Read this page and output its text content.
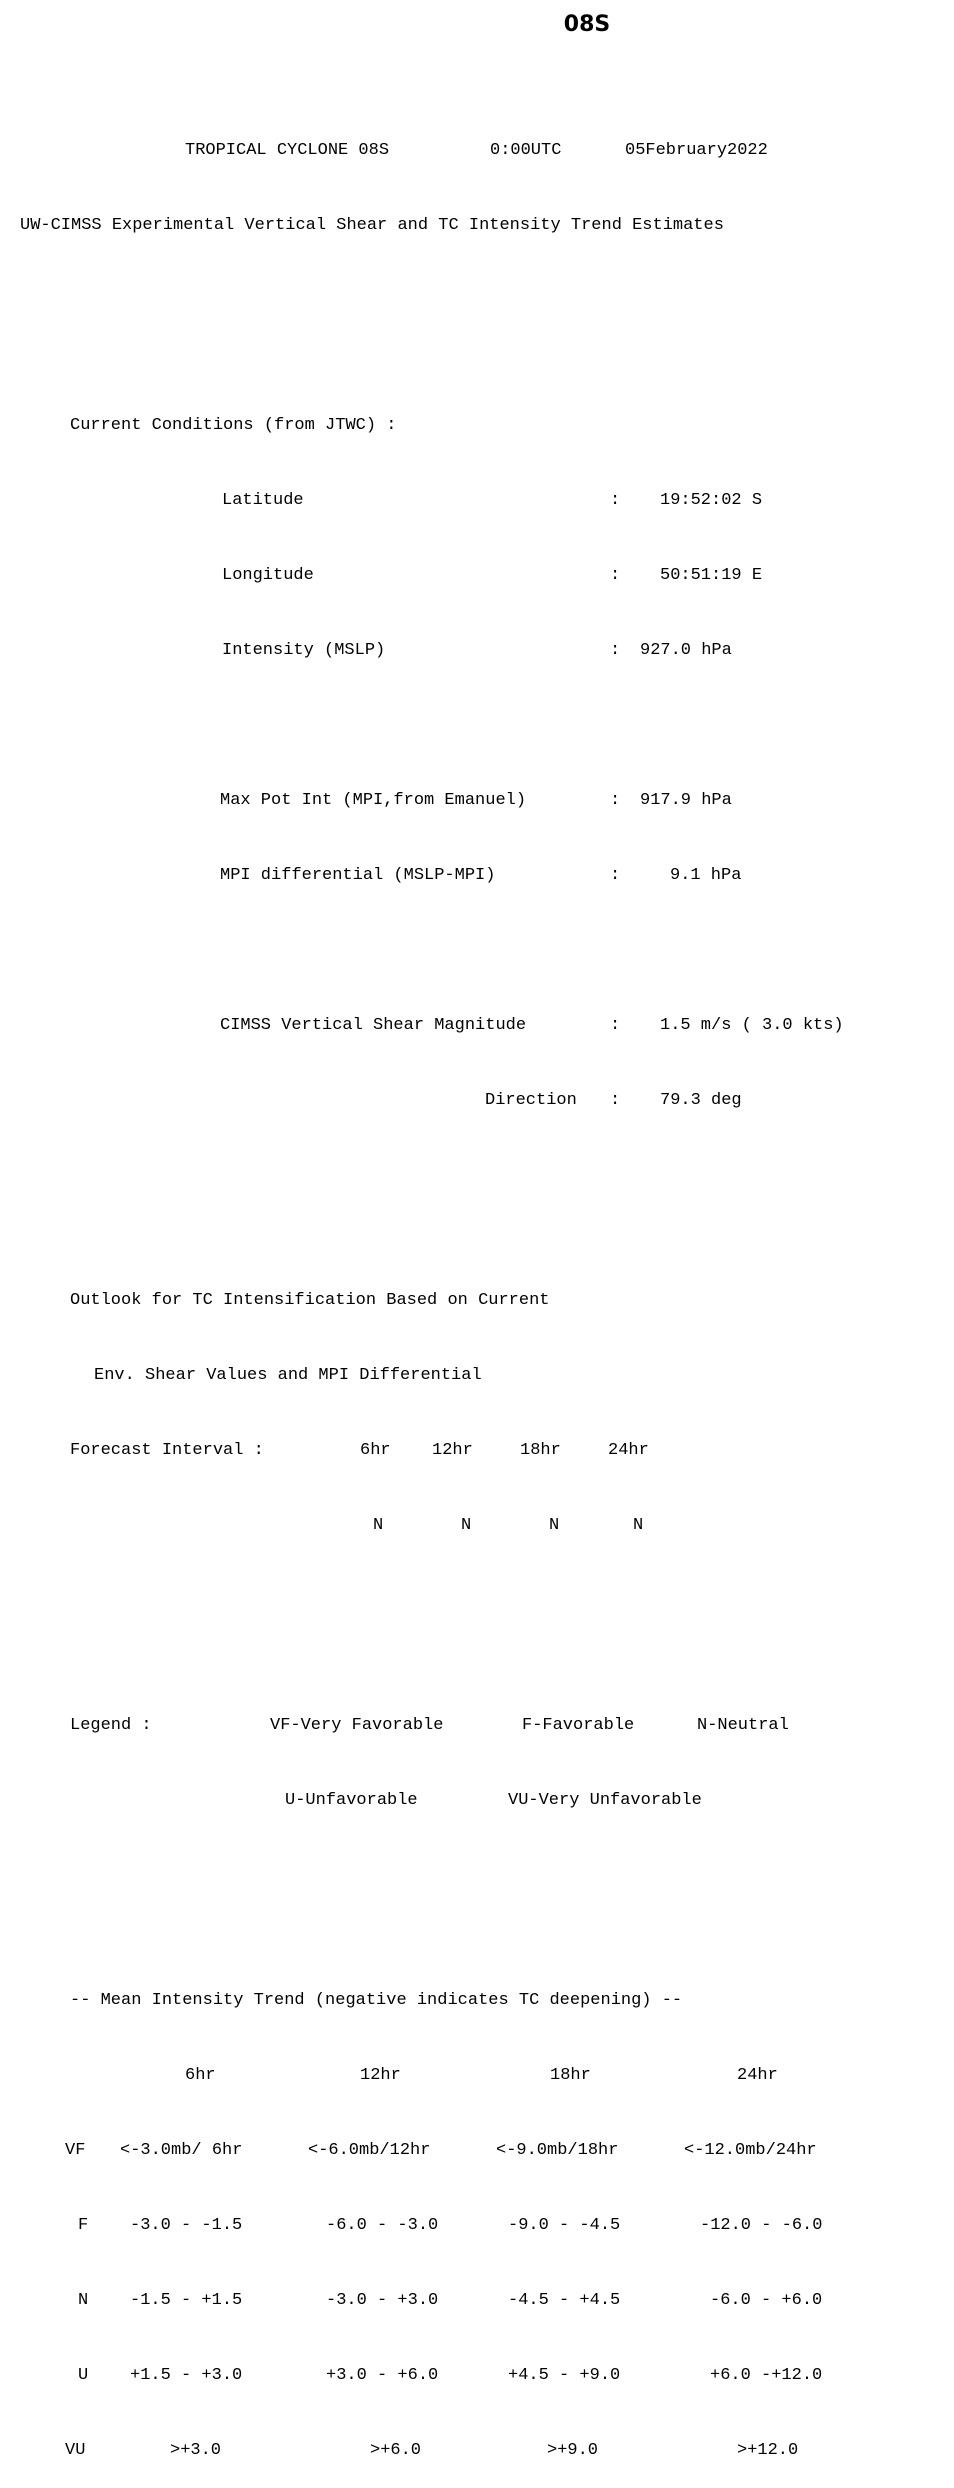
08S

TROPICAL CYCLONE 08S	0:00UTC	05February2022

UW-CIMSS Experimental Vertical Shear and TC Intensity Trend Estimates

Current Conditions (from JTWC) :

Latitude	: 19:52:02 S

Longitude	: 50:51:19 E

Intensity (MSLP)	: 927.0 hPa

Max Pot Int (MPI,from Emanuel)	: 917.9 hPa

MPI differential (MSLP-MPI)	:	9.1 hPa

CIMSS Vertical Shear Magnitude	: 1.5 m/s ( 3.0 kts)

Direction : 79.3 deg

Outlook for TC Intensification Based on Current

Env. Shear Values and MPI Differential

Forecast Interval :	6hr 12hr	18hr	24hr

N	N	N	N

Legend :	VF-Very Favorable	F-Favorable	N-Neutral

U-Unfavorable	VU-Very Unfavorable

-- Mean Intensity Trend (negative indicates TC deepening) --

6hr	12hr	18hr	24hr

VF <-3.0mb/ 6hr	<-6.0mb/12hr	<-9.0mb/18hr	<-12.0mb/24hr

F -3.0 - -1.5	-6.0 - -3.0	-9.0 - -4.5	-12.0 - -6.0

N -1.5 - +1.5	-3.0 - +3.0	-4.5 - +4.5	-6.0 - +6.0

U +1.5 - +3.0	+3.0 - +6.0	+4.5 - +9.0	+6.0 -+12.0

VU	>+3.0	>+6.0	>+9.0	>+12.0
